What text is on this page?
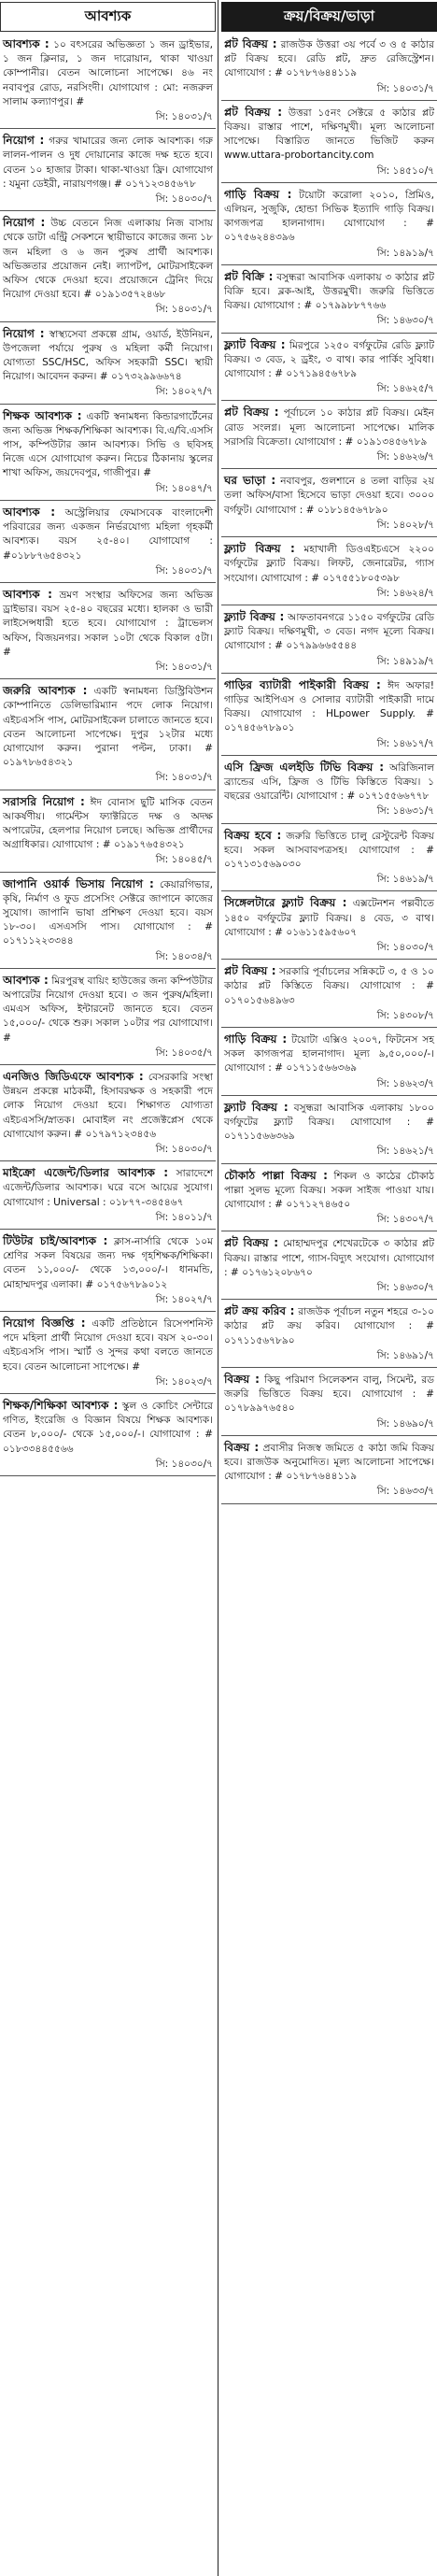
আবশ্যক
আবশ্যক : ১০ বৎসরের অভিজ্ঞতা ১ জন ড্রাইভার, ১ জন ক্লিনার, ১ জন দারোয়ান, থাকা খাওয়া কোম্পানীর। বেতন আলোচনা সাপেক্ষে। ৪৬ নং নবাবপুর রোড, নরসিংদী। যোগাযোগ : মো: নজরুল সালাম কল্যাণপুর। #
সি: ১৪০৩১/৭
নিয়োগ : গরুর খামারের জন্য লোক আবশ্যক। গরু লালন-পালন ও দুধ দোয়ানোর কাজে দক্ষ হতে হবে। বেতন ১০ হাজার টাকা। থাকা-খাওয়া ফ্রি। যোগাযোগ : যমুনা ডেইরী, নারায়ণগঞ্জ। # ০১৭১২৩৪৫৬৭৮
সি: ১৪০৩০/৭
নিয়োগ : উচ্চ বেতনে নিজ এলাকায় নিজ বাসায় থেকে ডাটা এন্ট্রি সেকশনে স্থায়ীভাবে কাজের জন্য ১৮ জন মহিলা ও ৬ জন পুরুষ প্রার্থী আবশ্যক। অভিজ্ঞতার প্রয়োজন নেই। ল্যাপটপ, মোটরসাইকেল অফিস থেকে দেওয়া হবে। প্রয়োজনে ট্রেনিং দিয়ে নিয়োগ দেওয়া হবে। # ০১৯১৩৫৭২৪৬৮
সি: ১৪০৩১/৭
নিয়োগ : স্বাস্থ্যসেবা প্রকল্পে গ্রাম, ওয়ার্ড, ইউনিয়ন, উপজেলা পর্যায়ে পুরুষ ও মহিলা কর্মী নিয়োগ। যোগ্যতা SSC/HSC, অফিস সহকারী SSC। স্থায়ী নিয়োগ। আবেদন করুন। # ০১৭৩২৯৯৬৬৭৪
সি: ১৪০২৭/৭
শিক্ষক আবশ্যক : একটি স্বনামধন্য কিন্ডারগার্টেনের জন্য অভিজ্ঞ শিক্ষক/শিক্ষিকা আবশ্যক। বি.এ/বি.এসসি পাস, কম্পিউটার জ্ঞান আবশ্যক। সিভি ও ছবিসহ নিজে এসে যোগাযোগ করুন। নিচের ঠিকানায় স্কুলের শাখা অফিস, জয়দেবপুর, গাজীপুর। #
সি: ১৪০৪৭/৭
আবশ্যক : অস্ট্রেলিয়ার ফেমাসবেক বাংলাদেশী পরিবারের জন্য একজন নির্ভরযোগ্য মহিলা গৃহকর্মী আবশ্যক। বয়স ২৫-৪০। যোগাযোগ : #০১৮৮৭৬৫৪৩২১
সি: ১৪০৩১/৭
আবশ্যক : ভ্রমণ সংস্থার অফিসের জন্য অভিজ্ঞ ড্রাইভার। বয়স ২৫-৪০ বছরের মধ্যে। হালকা ও ভারী লাইসেন্সধারী হতে হবে। যোগাযোগ : ট্রাভেলস অফিস, বিজয়নগর। সকাল ১০টা থেকে বিকাল ৫টা। #
সি: ১৪০৩১/৭
জরুরি আবশ্যক : একটি স্বনামধন্য ডিস্ট্রিবিউশন কোম্পানিতে ডেলিভারিম্যান পদে লোক নিয়োগ। এইচএসসি পাস, মোটরসাইকেল চালাতে জানতে হবে। বেতন আলোচনা সাপেক্ষে। দুপুর ১২টার মধ্যে যোগাযোগ করুন। পুরানা পল্টন, ঢাকা। # ০১৯৭৮৬৫৪৩২১
সি: ১৪০৩১/৭
সরাসরি নিয়োগ : ঈদ বোনাস ছুটি মাসিক বেতন আকর্ষণীয়। গার্মেন্টস ফ্যাক্টরিতে দক্ষ ও অদক্ষ অপারেটর, হেলপার নিয়োগ চলছে। অভিজ্ঞ প্রার্থীদের অগ্রাধিকার। যোগাযোগ : # ০১৯১৭৬৫৪৩২১
সি: ১৪০৪৫/৭
জাপানি ওয়ার্ক ভিসায় নিয়োগ : কেয়ারগিভার, কৃষি, নির্মাণ ও ফুড প্রসেসিং সেক্টরে জাপানে কাজের সুযোগ। জাপানি ভাষা প্রশিক্ষণ দেওয়া হবে। বয়স ১৮-৩০। এসএসসি পাস। যোগাযোগ : # ০১৭১১২২৩৩৪৪
সি: ১৪০৩৪/৭
আবশ্যক : মিরপুরস্থ বায়িং হাউজের জন্য কম্পিউটার অপারেটর নিয়োগ দেওয়া হবে। ৩ জন পুরুষ/মহিলা। এমএস অফিস, ইন্টারনেট জানতে হবে। বেতন ১৫,০০০/- থেকে শুরু। সকাল ১০টার পর যোগাযোগ। #
সি: ১৪০৩৫/৭
এনজিও জিডিএফে আবশ্যক : বেসরকারি সংস্থা উন্নয়ন প্রকল্পে মাঠকর্মী, হিসাবরক্ষক ও সহকারী পদে লোক নিয়োগ দেওয়া হবে। শিক্ষাগত যোগ্যতা এইচএসসি/স্নাতক। মোবাইল নং প্রজেক্টপ্লেস থেকে যোগাযোগ করুন। # ০১৭৯৭১২৩৪৫৬
সি: ১৪০৩০/৭
মাইক্রো এজেন্ট/ডিলার আবশ্যক : সারাদেশে এজেন্ট/ডিলার আবশ্যক। ঘরে বসে আয়ের সুযোগ। যোগাযোগ : Universal : ০১৮৭৭-৩৪৫৪৬৭
সি: ১৪০১১/৭
টিউটর চাই/আবশ্যক : ক্লাস-নার্সারি থেকে ১০ম শ্রেণির সকল বিষয়ের জন্য দক্ষ গৃহশিক্ষক/শিক্ষিকা। বেতন ১১,০০০/- থেকে ১৩,০০০/-। ধানমন্ডি, মোহাম্মদপুর এলাকা। # ০১৭৫৬৭৮৯০১২
সি: ১৪০২৭/৭
নিয়োগ বিজ্ঞপ্তি : একটি প্রতিষ্ঠানে রিসেপশনিস্ট পদে মহিলা প্রার্থী নিয়োগ দেওয়া হবে। বয়স ২০-৩০। এইচএসসি পাস। স্মার্ট ও সুন্দর কথা বলতে জানতে হবে। বেতন আলোচনা সাপেক্ষে। #
সি: ১৪০২৩/৭
শিক্ষক/শিক্ষিকা আবশ্যক : স্কুল ও কোচিং সেন্টারে গণিত, ইংরেজি ও বিজ্ঞান বিষয়ে শিক্ষক আবশ্যক। বেতন ৮,০০০/- থেকে ১৫,০০০/-। যোগাযোগ : # ০১৮৩৩৪৪৫৫৬৬
সি: ১৪০৩০/৭
ক্রয়/বিক্রয়/ভাড়া
প্লট বিক্রয় : রাজউক উত্তরা ৩য় পর্বে ৩ ও ৫ কাঠার প্লট বিক্রয় হবে। রেডি প্লট, দ্রুত রেজিস্ট্রেশন। যোগাযোগ : # ০১৭৮৭৬৪৪১১৯
সি: ১৪০৩১/৭
প্লট বিক্রয় : উত্তরা ১৫নং সেক্টরে ৫ কাঠার প্লট বিক্রয়। রাস্তার পাশে, দক্ষিণমুখী। মূল্য আলোচনা সাপেক্ষে। বিস্তারিত জানতে ভিজিট করুন www.uttara-probortancity.com
সি: ১৪৫১০/৭
গাড়ি বিক্রয় : টয়োটা করোলা ২০১০, প্রিমিও, এলিয়ন, সুজুকি, হোন্ডা সিভিক ইত্যাদি গাড়ি বিক্রয়। কাগজপত্র হালনাগাদ। যোগাযোগ : # ০১৭৫৬২৪৪৩৯৬
সি: ১৪৯১৯/৭
প্লট বিক্রি : বসুন্ধরা আবাসিক এলাকায় ৩ কাঠার প্লট বিক্রি হবে। ব্লক-আই, উত্তরমুখী। জরুরি ভিত্তিতে বিক্রয়। যোগাযোগ : # ০১৭৯৯৮৮৭৭৬৬
সি: ১৪৬৩০/৭
ফ্ল্যাট বিক্রয় : মিরপুরে ১২৫০ বর্গফুটের রেডি ফ্ল্যাট বিক্রয়। ৩ বেড, ২ ড্রইং, ৩ বাথ। কার পার্কিং সুবিধা। যোগাযোগ : # ০১৭১৯৪৫৬৭৮৯
সি: ১৪৬২৫/৭
প্লট বিক্রয় : পূর্বাচলে ১০ কাঠার প্লট বিক্রয়। মেইন রোড সংলগ্ন। মূল্য আলোচনা সাপেক্ষে। মালিক সরাসরি বিক্রেতা। যোগাযোগ : # ০১৯১৩৪৫৬৭৮৯
সি: ১৪৬২৬/৭
ঘর ভাড়া : নবাবপুর, গুলশানে ৪ তলা বাড়ির ২য় তলা অফিস/বাসা হিসেবে ভাড়া দেওয়া হবে। ৩০০০ বর্গফুট। যোগাযোগ : # ০১৮১৪৫৬৭৮৯০
সি: ১৪০২৮/৭
ফ্ল্যাট বিক্রয় : মহাখালী ডিওএইচএসে ২২০০ বর্গফুটের ফ্ল্যাট বিক্রয়। লিফট, জেনারেটর, গ্যাস সংযোগ। যোগাযোগ : # ০১৭৫৫১৮০৫৩৯৮
সি: ১৪৬২৪/৭
ফ্ল্যাট বিক্রয় : আফতাবনগরে ১১৫০ বর্গফুটের রেডি ফ্ল্যাট বিক্রয়। দক্ষিণমুখী, ৩ বেড। নগদ মূল্যে বিক্রয়। যোগাযোগ : # ০১৭৯৯৬৬৫৫৪৪
সি: ১৪৯১৯/৭
গাড়ির ব্যাটারী পাইকারী বিক্রয় : ঈদ অফার! গাড়ির আইপিএস ও সোলার ব্যাটারী পাইকারী দামে বিক্রয়। যোগাযোগ : HLpower Supply. # ০১৭৪৫৬৭৮৯০১
সি: ১৪৬১৭/৭
এসি ফ্রিজ এলইডি টিভি বিক্রয় : অরিজিনাল ব্র্যান্ডের এসি, ফ্রিজ ও টিভি কিস্তিতে বিক্রয়। ১ বছরের ওয়ারেন্টি। যোগাযোগ : # ০১৭১৫৫৬৬৭৭৮
সি: ১৪৬৩১/৭
বিক্রয় হবে : জরুরি ভিত্তিতে চালু রেস্টুরেন্ট বিক্রয় হবে। সকল আসবাবপত্রসহ। যোগাযোগ : # ০১৭১৩১৫৬৯০৩০
সি: ১৪৬১৯/৭
সিঙ্গেলটারে ফ্ল্যাট বিক্রয় : এক্সটেনশন পল্লবীতে ১৪৫০ বর্গফুটের ফ্ল্যাট বিক্রয়। ৪ বেড, ৩ বাথ। যোগাযোগ : # ০১৬১১৫৯৫৬০৭
সি: ১৪০৩০/৭
প্লট বিক্রয় : সরকারি পূর্বাচলের সন্নিকটে ৩, ৫ ও ১০ কাঠার প্লট কিস্তিতে বিক্রয়। যোগাযোগ : # ০১৭০১৫৬৪৯৬৩
সি: ১৪৩০৮/৭
গাড়ি বিক্রয় : টয়োটা এক্সিও ২০০৭, ফিটনেস সহ সকল কাগজপত্র হালনাগাদ। মূল্য ৯,৫০,০০০/-। যোগাযোগ : # ০১৭১১৫৬৬৩৬৯
সি: ১৪৬২৩/৭
ফ্ল্যাট বিক্রয় : বসুন্ধরা আবাসিক এলাকায় ১৮০০ বর্গফুটের ফ্ল্যাট বিক্রয়। যোগাযোগ : # ০১৭১১৫৬৬৩৬৯
সি: ১৪৬২১/৭
চৌকাঠ পাল্লা বিক্রয় : শিকল ও কাঠের চৌকাঠ পাল্লা সুলভ মূল্যে বিক্রয়। সকল সাইজ পাওয়া যায়। যোগাযোগ : # ০১৭১২৭৪৬৫০
সি: ১৪৩০৭/৭
প্লট বিক্রয় : মোহাম্মদপুর শেখেরটেকে ৩ কাঠার প্লট বিক্রয়। রাস্তার পাশে, গ্যাস-বিদ্যুৎ সংযোগ। যোগাযোগ : # ০১৭৬১২০৮৬৭০
সি: ১৪৬৩০/৭
প্লট ক্রয় করিব : রাজউক পূর্বাচল নতুন শহরে ৩-১০ কাঠার প্লট ক্রয় করিব। যোগাযোগ : # ০১৭১১৫৬৭৮৯০
সি: ১৪৬৯১/৭
বিক্রয় : কিছু পরিমাণ সিলেকশন বালু, সিমেন্ট, রড জরুরি ভিত্তিতে বিক্রয় হবে। যোগাযোগ : # ০১৭৮৯৯৭৬৫৪০
সি: ১৪৬৯০/৭
বিক্রয় : প্রবাসীর নিজস্ব জমিতে ৫ কাঠা জমি বিক্রয় হবে। রাজউক অনুমোদিত। মূল্য আলোচনা সাপেক্ষে। যোগাযোগ : # ০১৭৮৭৬৪৪১১৯
সি: ১৪৬৩৩/৭
